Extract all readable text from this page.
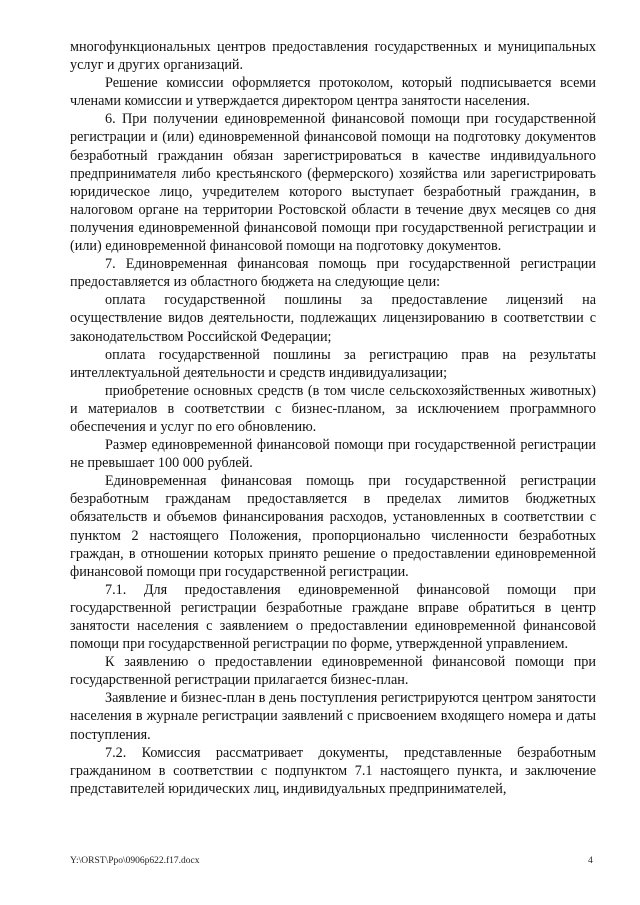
многофункциональных центров предоставления государственных и муниципальных услуг и других организаций.

Решение комиссии оформляется протоколом, который подписывается всеми членами комиссии и утверждается директором центра занятости населения.

6. При получении единовременной финансовой помощи при государственной регистрации и (или) единовременной финансовой помощи на подготовку документов безработный гражданин обязан зарегистрироваться в качестве индивидуального предпринимателя либо крестьянского (фермерского) хозяйства или зарегистрировать юридическое лицо, учредителем которого выступает безработный гражданин, в налоговом органе на территории Ростовской области в течение двух месяцев со дня получения единовременной финансовой помощи при государственной регистрации и (или) единовременной финансовой помощи на подготовку документов.

7. Единовременная финансовая помощь при государственной регистрации предоставляется из областного бюджета на следующие цели:

оплата государственной пошлины за предоставление лицензий на осуществление видов деятельности, подлежащих лицензированию в соответствии с законодательством Российской Федерации;

оплата государственной пошлины за регистрацию прав на результаты интеллектуальной деятельности и средств индивидуализации;

приобретение основных средств (в том числе сельскохозяйственных животных) и материалов в соответствии с бизнес-планом, за исключением программного обеспечения и услуг по его обновлению.

Размер единовременной финансовой помощи при государственной регистрации не превышает 100 000 рублей.

Единовременная финансовая помощь при государственной регистрации безработным гражданам предоставляется в пределах лимитов бюджетных обязательств и объемов финансирования расходов, установленных в соответствии с пунктом 2 настоящего Положения, пропорционально численности безработных граждан, в отношении которых принято решение о предоставлении единовременной финансовой помощи при государственной регистрации.

7.1. Для предоставления единовременной финансовой помощи при государственной регистрации безработные граждане вправе обратиться в центр занятости населения с заявлением о предоставлении единовременной финансовой помощи при государственной регистрации по форме, утвержденной управлением.

К заявлению о предоставлении единовременной финансовой помощи при государственной регистрации прилагается бизнес-план.

Заявление и бизнес-план в день поступления регистрируются центром занятости населения в журнале регистрации заявлений с присвоением входящего номера и даты поступления.

7.2. Комиссия рассматривает документы, представленные безработным гражданином в соответствии с подпунктом 7.1 настоящего пункта, и заключение представителей юридических лиц, индивидуальных предпринимателей,

Y:\ORST\Ppo\0906p622.f17.docx	4
